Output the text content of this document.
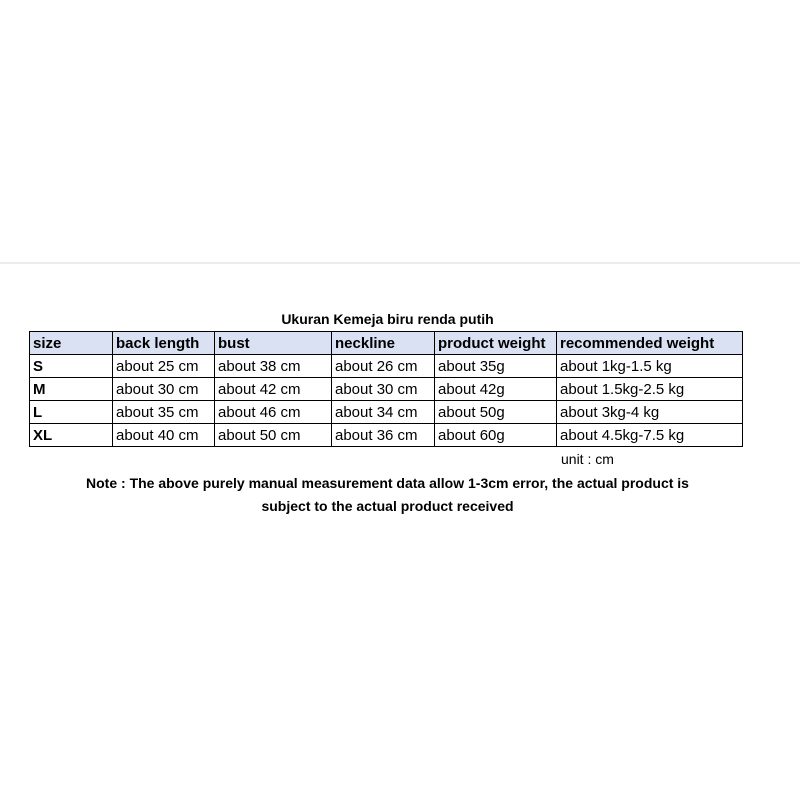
Ukuran Kemeja biru renda putih
size	back length	bust	neckline	product weight	recommended weight
S	about 25 cm	about 38 cm	about 26 cm	about 35g	about 1kg-1.5 kg
M	about 30 cm	about 42 cm	about 30 cm	about 42g	about 1.5kg-2.5 kg
L	about 35 cm	about 46 cm	about 34 cm	about 50g	about 3kg-4 kg
XL	about 40 cm	about 50 cm	about 36 cm	about 60g	about 4.5kg-7.5 kg
unit : cm
Note : The above purely manual measurement data allow 1-3cm error, the actual product is
subject to the actual product received
